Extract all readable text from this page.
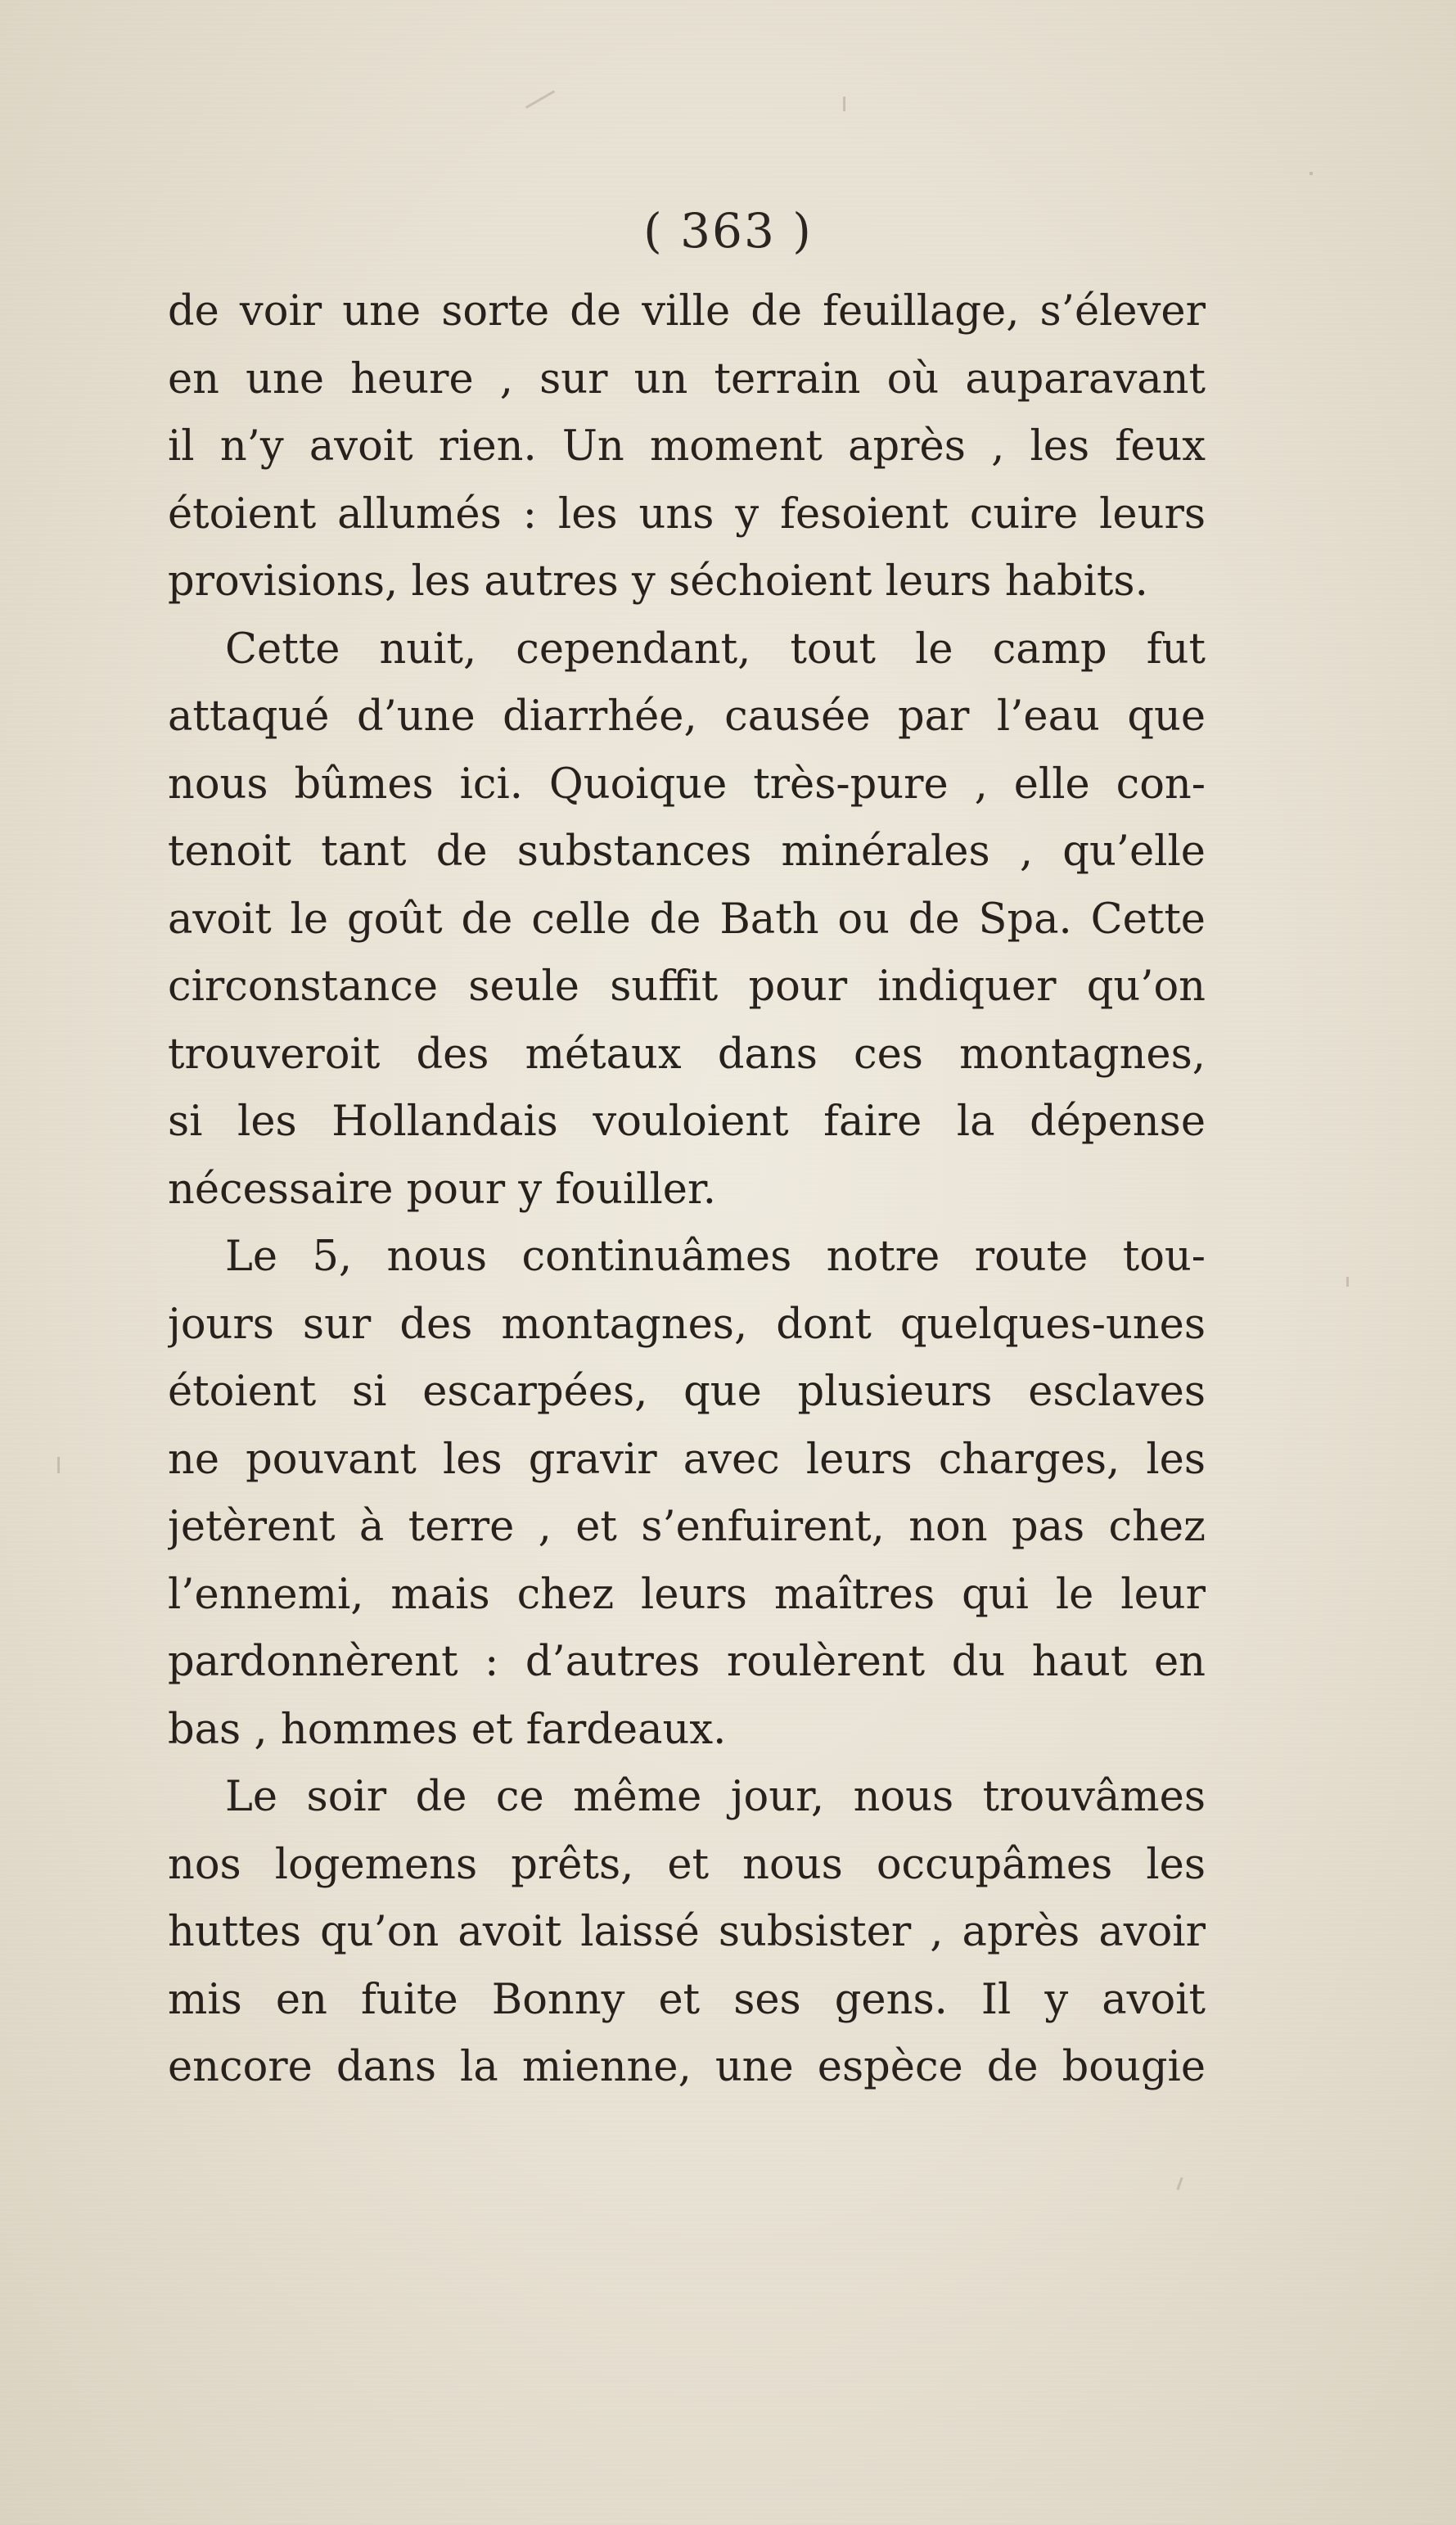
( 363 )
de voir une sorte de ville de feuillage, s’élever
en une heure , sur un terrain où auparavant
il n’y avoit rien. Un moment après , les feux
étoient allumés : les uns y fesoient cuire leurs
provisions, les autres y séchoient leurs habits.
Cette nuit, cependant, tout le camp fut
attaqué d’une diarrhée, causée par l’eau que
nous bûmes ici. Quoique très-pure , elle con-
tenoit tant de substances minérales , qu’elle
avoit le goût de celle de Bath ou de Spa. Cette
circonstance seule suffit pour indiquer qu’on
trouveroit des métaux dans ces montagnes,
si les Hollandais vouloient faire la dépense
nécessaire pour y fouiller.
Le 5, nous continuâmes notre route tou-
jours sur des montagnes, dont quelques-unes
étoient si escarpées, que plusieurs esclaves
ne pouvant les gravir avec leurs charges, les
jetèrent à terre , et s’enfuirent, non pas chez
l’ennemi, mais chez leurs maîtres qui le leur
pardonnèrent : d’autres roulèrent du haut en
bas , hommes et fardeaux.
Le soir de ce même jour, nous trouvâmes
nos logemens prêts, et nous occupâmes les
huttes qu’on avoit laissé subsister , après avoir
mis en fuite Bonny et ses gens. Il y avoit
encore dans la mienne, une espèce de bougie
